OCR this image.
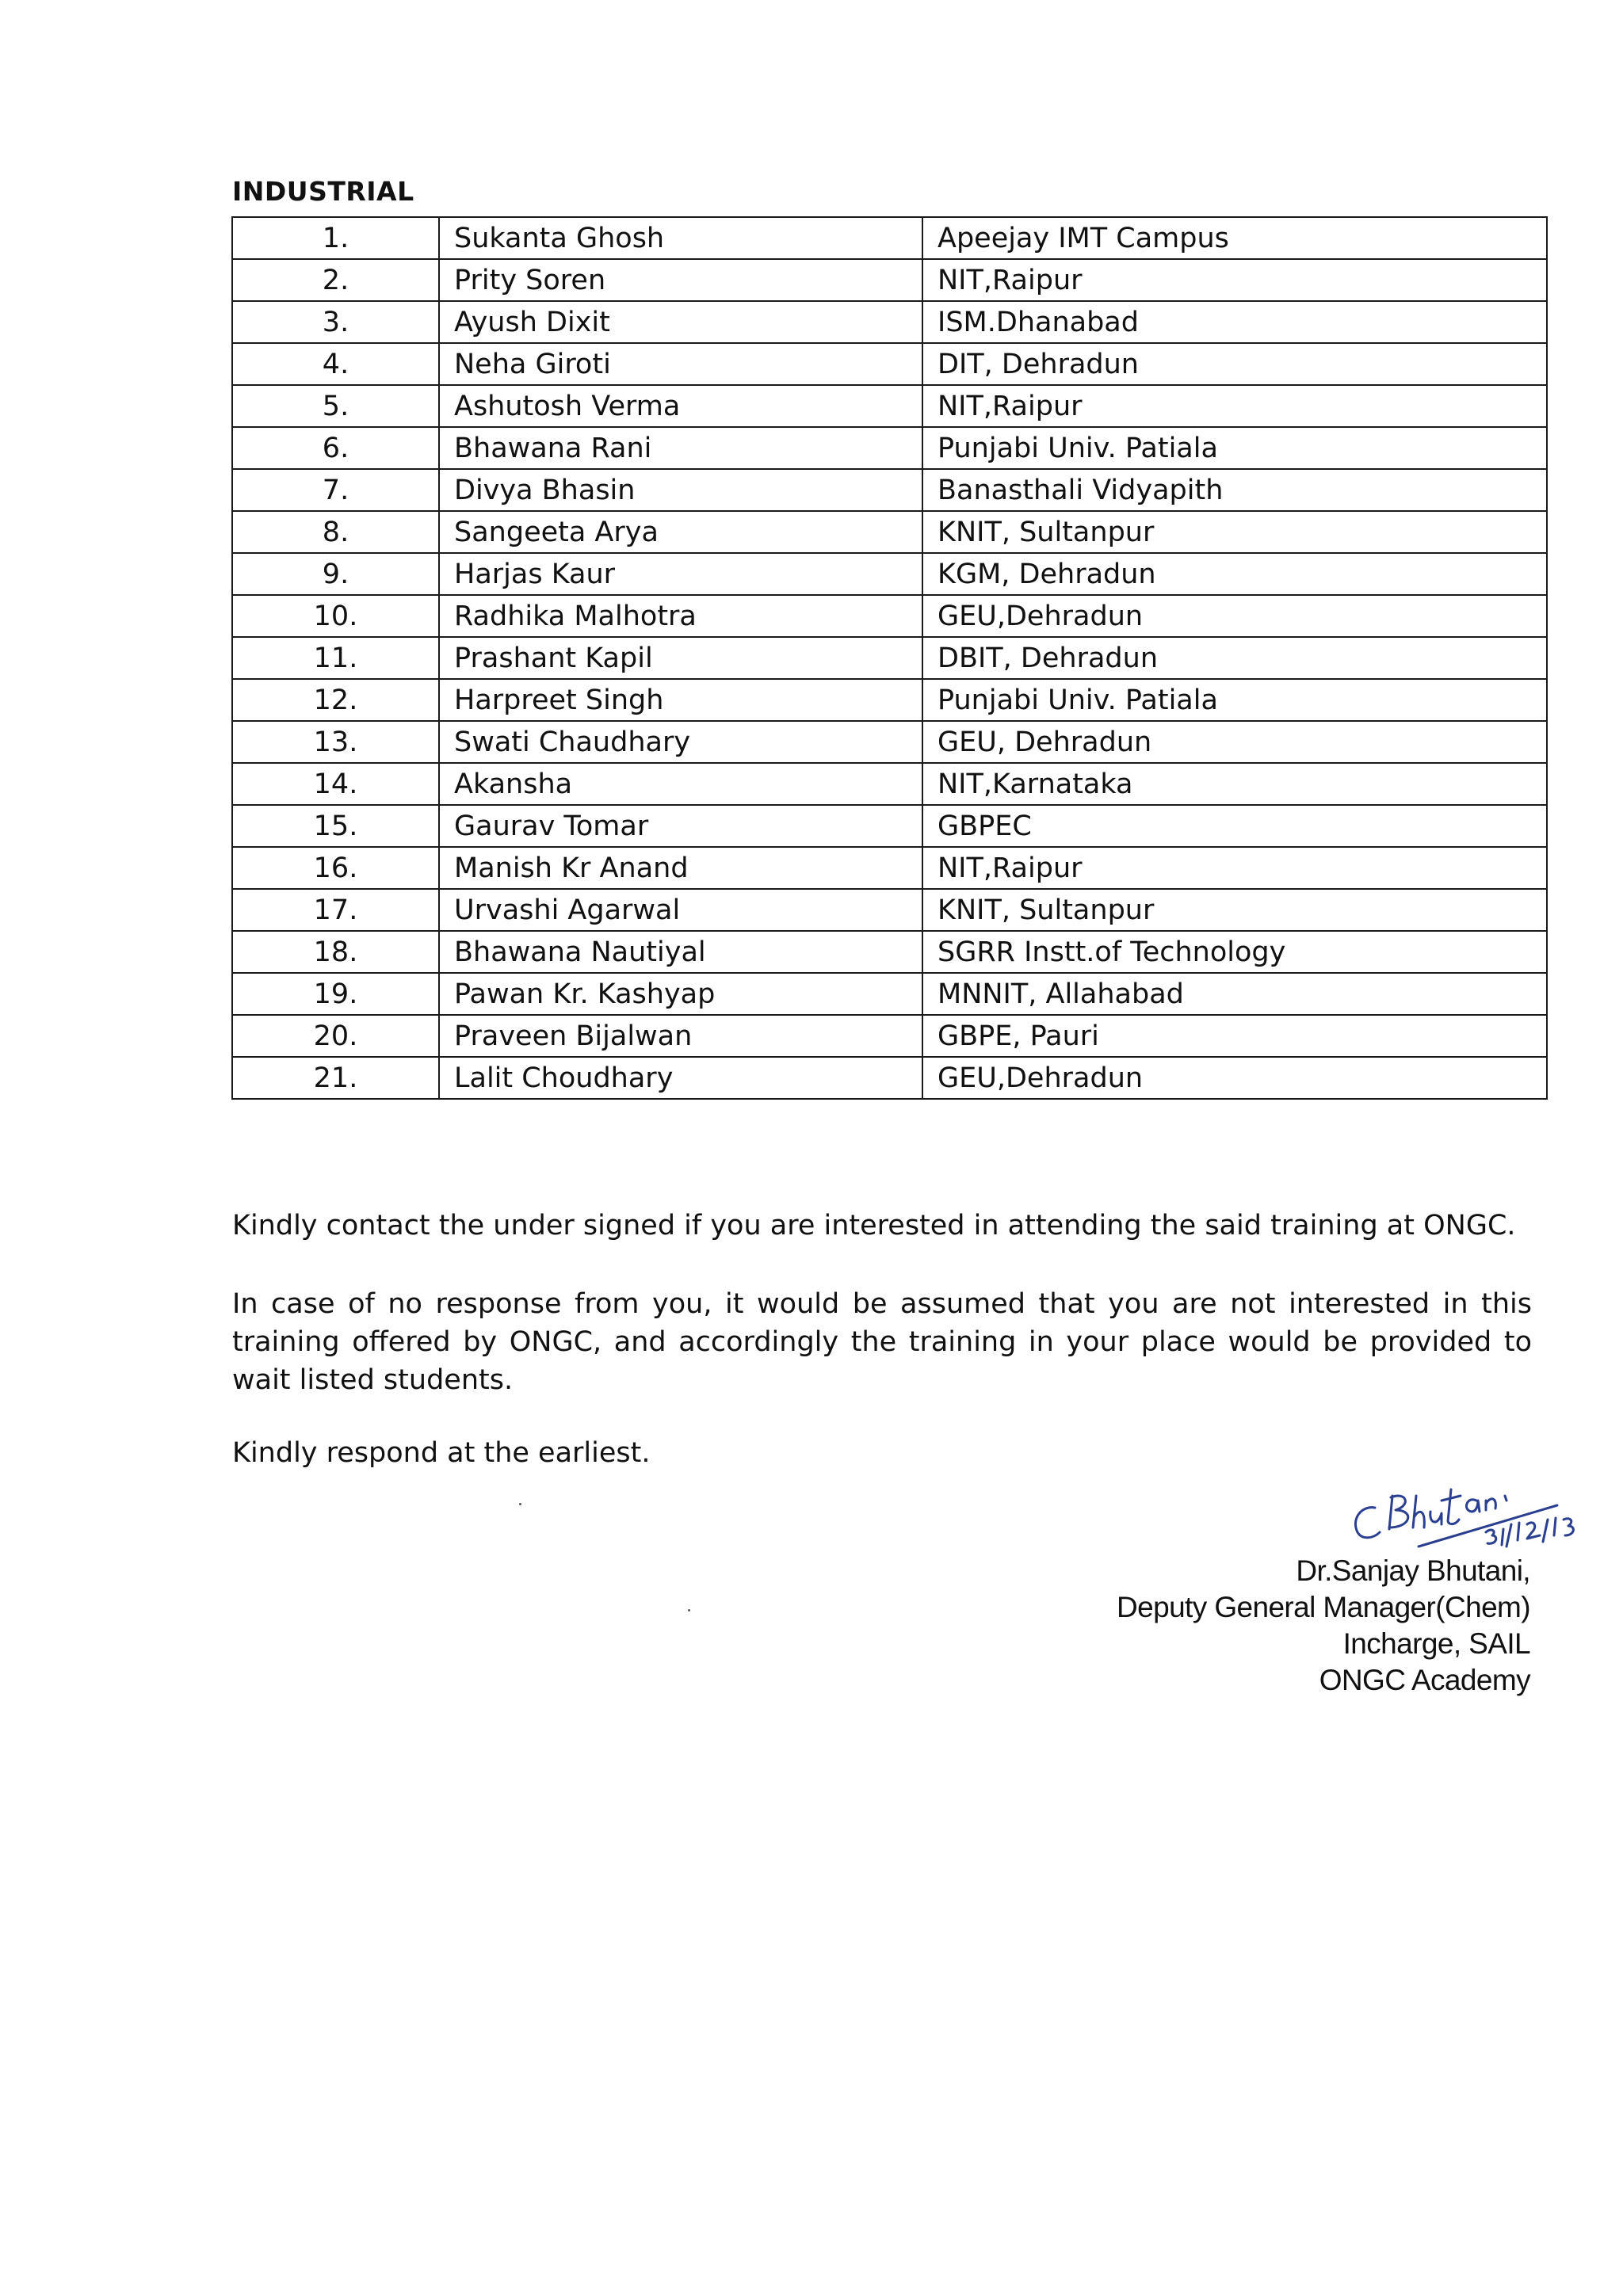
INDUSTRIAL
1.	Sukanta Ghosh	Apeejay IMT Campus
2.	Prity Soren	NIT,Raipur
3.	Ayush Dixit	ISM.Dhanabad
4.	Neha Giroti	DIT, Dehradun
5.	Ashutosh Verma	NIT,Raipur
6.	Bhawana Rani	Punjabi Univ. Patiala
7.	Divya Bhasin	Banasthali Vidyapith
8.	Sangeeta Arya	KNIT, Sultanpur
9.	Harjas Kaur	KGM, Dehradun
10.	Radhika Malhotra	GEU,Dehradun
11.	Prashant Kapil	DBIT, Dehradun
12.	Harpreet Singh	Punjabi Univ. Patiala
13.	Swati Chaudhary	GEU, Dehradun
14.	Akansha	NIT,Karnataka
15.	Gaurav Tomar	GBPEC
16.	Manish Kr Anand	NIT,Raipur
17.	Urvashi Agarwal	KNIT, Sultanpur
18.	Bhawana Nautiyal	SGRR Instt.of Technology
19.	Pawan Kr. Kashyap	MNNIT, Allahabad
20.	Praveen Bijalwan	GBPE, Pauri
21.	Lalit Choudhary	GEU,Dehradun

Kindly contact the under signed if you are interested in attending the said training at ONGC.

In case of no response from you, it would be assumed that you are not interested in this training offered by ONGC, and accordingly the training in your place would be provided to wait listed students.

Kindly respond at the earliest.

Dr.Sanjay Bhutani,
Deputy General Manager(Chem)
Incharge, SAIL
ONGC Academy
